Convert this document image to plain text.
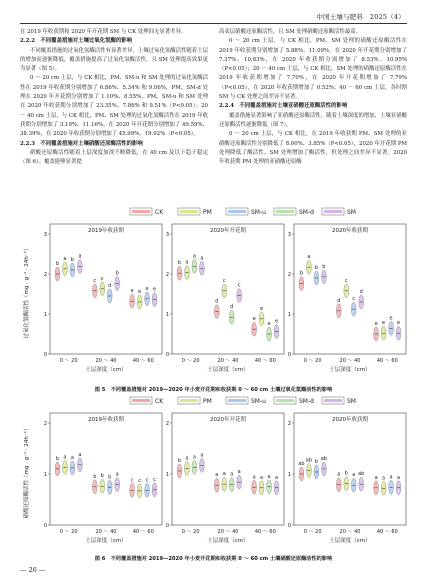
中国土壤与肥料　2025（4）

在 2019 年收获期和 2020 年开花期 SM 与 CK 处理间无显著差异。

2.2.2　不同覆盖措施对土壤过氧化氢酶的影响

不同覆盖措施的过氧化氢酶活性有显著差异。土壤过氧化氢酶活性随着土层的增加而逐渐降低，覆盖措施提高了过氧化氢酶活性，且 SM 处理提高效果更为显著（图 5）。

0 ～ 20 cm 土层，与 CK 相比，PM、SM-u 和 SM 处理的过氧化氢酶活性在 2019 年收获期分别增加了 6.86%、5.34% 和 9.06%，PM、SM-d 处理在 2020 年开花期分别增加了 1.10%、8.55%，PM、SM-u 和 SM 处理在 2020 年收获期分别增加了 23.35%、7.86% 和 9.51%（P<0.05）；20 － 40 cm 土层，与 CK 相比，PM、SM 处理的过氧化氢酶活性在 2019 年收获期分别增加了 3.19%、11.16%，在 2020 年开花期分别增加了 49.59%、38.39%，在 2020 年收获期分别增加了 45.99%、19.92%（P<0.05）。

2.2.3　不同覆盖措施对土壤硝酸还原酶活性的影响

硝酸还原酶活性随着土层深度加深不断降低，在 40 cm 及以下趋于稳定（图 6）。覆盖能够显著提

高表层硝酸还原酶活性，且 SM 处理硝酸还原酶活性最高。

0 ～ 20 cm 土层，与 CK 相比，PM、SM 处理的硝酸还原酶活性在 2019 年收获期分别增加了 5.88%、11.09%，在 2020 年开花期分别增加了 7.37%、10.83%，在 2020 年收获期分别增加了 8.53%、10.95%（P<0.05）；20 － 40 cm 土层，与 CK 相比，SM 处理的硝酸还原酶活性在 2019 年收获期增加了 7.70%，在 2020 年开花期增加了 7.79%（P<0.05），在 2020 年收获期增加了 0.52%；40 － 60 cm 土层，各时期 SM 与 CK 处理之间差异不显著。

2.2.4　不同覆盖措施对土壤亚硝酸还原酶活性的影响

覆盖措施显著影响了亚硝酸还原酶活性。随着土壤深度的增加，土壤亚硝酸还原酶活性逐渐降低（图 7）。

0 ～ 20 cm 土层，与 CK 相比，在 2019 年收获期 PM、SM 处理的亚硝酸还原酶活性分别降低了 8.00%、3.85%（P<0.05），2020 年开花期 PM 处理降低了酶活性，SM 处理增加了酶活性，但处理之间差异不显著。2020 年收获期 PM 处理的亚硝酸还原酶

CK	PM	SM-u	SM-d	SM
过氧化氢酶活性（mg · g⁻¹ · 24h⁻¹）
2019年收获期
0
1
2
3
0 ～ 20
b
a b
a
20 ～ 40
c c
d
b
40 ～ 60
e e
e e
土层深度（cm）
2020年开花期
0
1
2
3
0 ～ 20
b a
a a
20 ～ 40
d
c
d
c
40 ～ 60
e
e
e e
土层深度（cm）
2020年收获期
0
1
2
3
0 ～ 20
b
a
b b
20 ～ 40
d
c
c
d
40 ～ 60
e e
e
e
土层深度（cm）
图 5　不同覆盖措施对 2019—2020 年小麦开花期和收获期 0 ～ 60 cm 土壤过氧化氢酶活性的影响
CK	PM	SM-u	SM-d	SM
硝酸还原酶活性（mg · g⁻¹ · 24h⁻¹）
2019年收获期
0
1
2
0 ～ 20
b a a
a
20 ～ 40
b b b a
40 ～ 60
c c c c
土层深度（cm）
2020年开花期
0
1
2
0 ～ 20
b a a a
20 ～ 40
a a a a
40 ～ 60
a a a a
土层深度（cm）
2020年收获期
0
1
2
0 ～ 20
ab
ab b
ab
20 ～ 40
a b a ab
40 ～ 60
a a a a
土层深度（cm）
图 6　不同覆盖措施对 2019—2020 年小麦开花期和收获期 0 ～ 60 cm 土壤硝酸还原酶活性的影响
— 26 —
